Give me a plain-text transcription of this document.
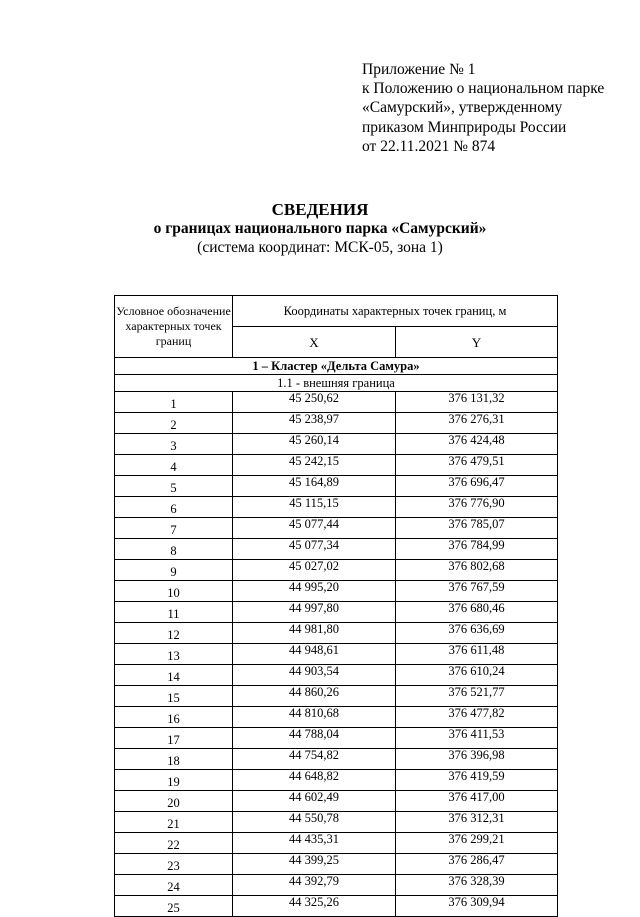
Приложение № 1
к Положению о национальном парке
«Самурский», утвержденному
приказом Минприроды России
от 22.11.2021 № 874
СВЕДЕНИЯ
о границах национального парка «Самурский»
(система координат: МСК-05, зона 1)
Условное обозначение характерных точек границ	Координаты характерных точек границ, м	
	X	Y
1 – Кластер «Дельта Самура»		
1.1 - внешняя граница		
1	45 250,62	376 131,32
2	45 238,97	376 276,31
3	45 260,14	376 424,48
4	45 242,15	376 479,51
5	45 164,89	376 696,47
6	45 115,15	376 776,90
7	45 077,44	376 785,07
8	45 077,34	376 784,99
9	45 027,02	376 802,68
10	44 995,20	376 767,59
11	44 997,80	376 680,46
12	44 981,80	376 636,69
13	44 948,61	376 611,48
14	44 903,54	376 610,24
15	44 860,26	376 521,77
16	44 810,68	376 477,82
17	44 788,04	376 411,53
18	44 754,82	376 396,98
19	44 648,82	376 419,59
20	44 602,49	376 417,00
21	44 550,78	376 312,31
22	44 435,31	376 299,21
23	44 399,25	376 286,47
24	44 392,79	376 328,39
25	44 325,26	376 309,94
